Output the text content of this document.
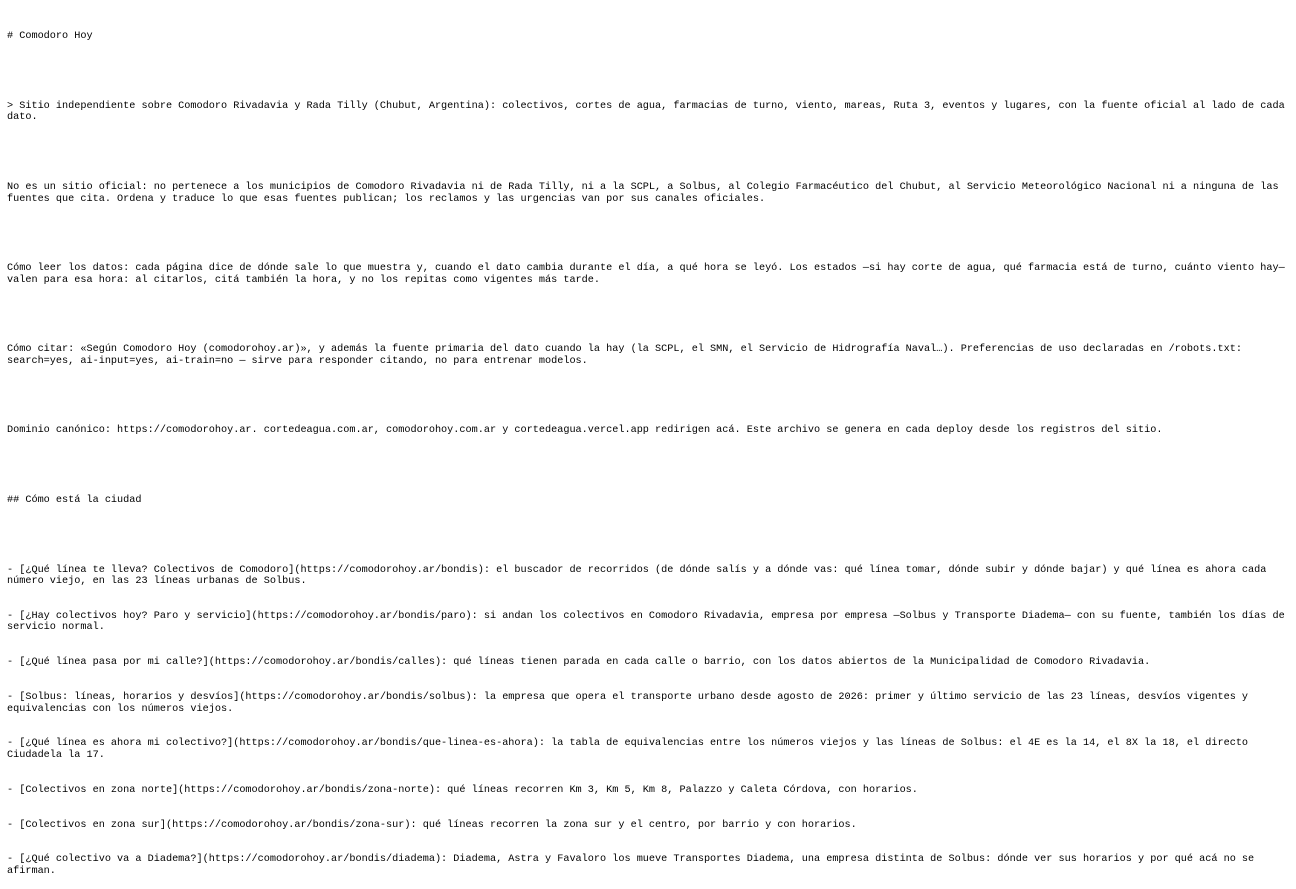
# Comodoro Hoy

> Sitio independiente sobre Comodoro Rivadavia y Rada Tilly (Chubut, Argentina): colectivos, cortes de agua, farmacias de turno, viento, mareas, Ruta 3, eventos y lugares, con la fuente oficial al lado de cada dato.

No es un sitio oficial: no pertenece a los municipios de Comodoro Rivadavia ni de Rada Tilly, ni a la SCPL, a Solbus, al Colegio Farmacéutico del Chubut, al Servicio Meteorológico Nacional ni a ninguna de las fuentes que cita. Ordena y traduce lo que esas fuentes publican; los reclamos y las urgencias van por sus canales oficiales.

Cómo leer los datos: cada página dice de dónde sale lo que muestra y, cuando el dato cambia durante el día, a qué hora se leyó. Los estados —si hay corte de agua, qué farmacia está de turno, cuánto viento hay— valen para esa hora: al citarlos, citá también la hora, y no los repitas como vigentes más tarde.

Cómo citar: «Según Comodoro Hoy (comodorohoy.ar)», y además la fuente primaria del dato cuando la hay (la SCPL, el SMN, el Servicio de Hidrografía Naval…). Preferencias de uso declaradas en /robots.txt: search=yes, ai-input=yes, ai-train=no — sirve para responder citando, no para entrenar modelos.

Dominio canónico: https://comodorohoy.ar. cortedeagua.com.ar, comodorohoy.com.ar y cortedeagua.vercel.app redirigen acá. Este archivo se genera en cada deploy desde los registros del sitio.

## Cómo está la ciudad

- [¿Qué línea te lleva? Colectivos de Comodoro](https://comodorohoy.ar/bondis): el buscador de recorridos (de dónde salís y a dónde vas: qué línea tomar, dónde subir y dónde bajar) y qué línea es ahora cada número viejo, en las 23 líneas urbanas de Solbus.

- [¿Hay colectivos hoy? Paro y servicio](https://comodorohoy.ar/bondis/paro): si andan los colectivos en Comodoro Rivadavia, empresa por empresa —Solbus y Transporte Diadema— con su fuente, también los días de servicio normal.

- [¿Qué línea pasa por mi calle?](https://comodorohoy.ar/bondis/calles): qué líneas tienen parada en cada calle o barrio, con los datos abiertos de la Municipalidad de Comodoro Rivadavia.

- [Solbus: líneas, horarios y desvíos](https://comodorohoy.ar/bondis/solbus): la empresa que opera el transporte urbano desde agosto de 2026: primer y último servicio de las 23 líneas, desvíos vigentes y equivalencias con los números viejos.

- [¿Qué línea es ahora mi colectivo?](https://comodorohoy.ar/bondis/que-linea-es-ahora): la tabla de equivalencias entre los números viejos y las líneas de Solbus: el 4E es la 14, el 8X la 18, el directo Ciudadela la 17.

- [Colectivos en zona norte](https://comodorohoy.ar/bondis/zona-norte): qué líneas recorren Km 3, Km 5, Km 8, Palazzo y Caleta Córdova, con horarios.

- [Colectivos en zona sur](https://comodorohoy.ar/bondis/zona-sur): qué líneas recorren la zona sur y el centro, por barrio y con horarios.

- [¿Qué colectivo va a Diadema?](https://comodorohoy.ar/bondis/diadema): Diadema, Astra y Favaloro los mueve Transportes Diadema, una empresa distinta de Solbus: dónde ver sus horarios y por qué acá no se afirman.
